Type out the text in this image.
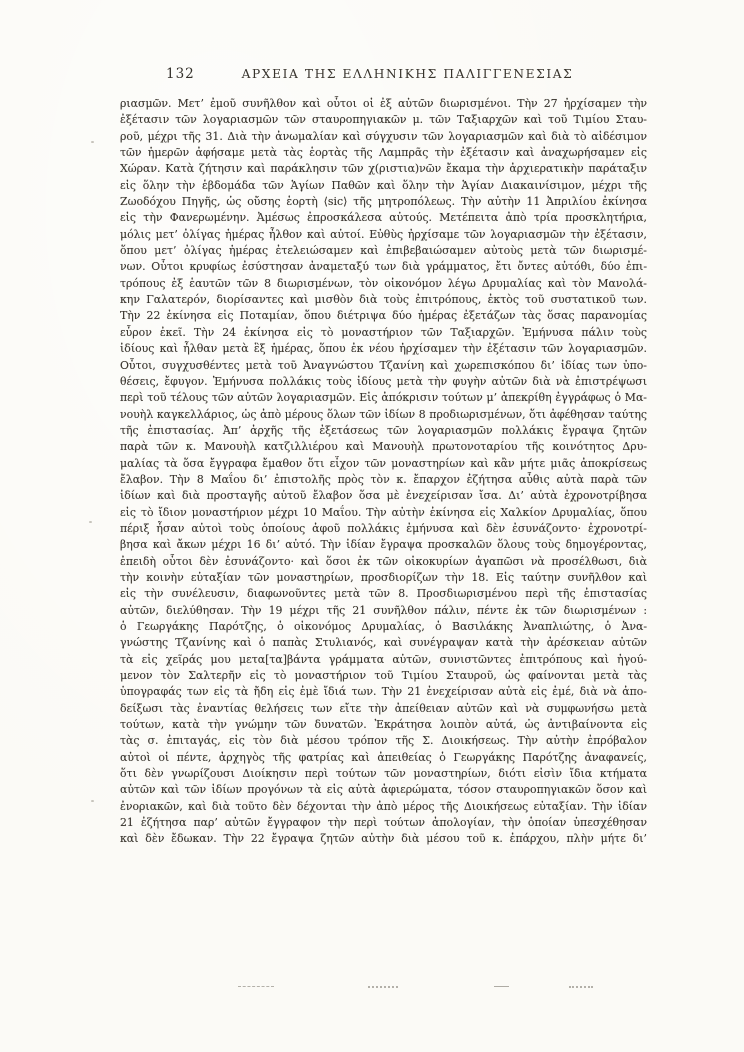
132	ΑΡΧΕΙΑ ΤΗΣ ΕΛΛΗΝΙΚΗΣ ΠΑΛΙΓΓΕΝΕΣΙΑΣ
ριασμῶν. Μετ’ ἐμοῦ συνῆλθον καὶ οὗτοι οἱ ἐξ αὐτῶν διωρισμένοι. Τὴν 27 ἠρχίσαμεν τὴν
ἐξέτασιν τῶν λογαριασμῶν τῶν σταυροπηγιακῶν μ. τῶν Ταξιαρχῶν καὶ τοῦ Τιμίου Σταυ-
ροῦ, μέχρι τῆς 31. Διὰ τὴν ἀνωμαλίαν καὶ σύγχυσιν τῶν λογαριασμῶν καὶ διὰ τὸ αἰδέσιμον
τῶν ἡμερῶν ἀφήσαμε μετὰ τὰς ἑορτὰς τῆς Λαμπρᾶς τὴν ἐξέτασιν καὶ ἀναχωρήσαμεν εἰς
Χώραν. Κατὰ ζήτησιν καὶ παράκλησιν τῶν χ(ριστια)νῶν ἔκαμα τὴν ἀρχιερατικὴν παράταξιν
εἰς ὅλην τὴν ἑβδομάδα τῶν Ἁγίων Παθῶν καὶ ὅλην τὴν Ἁγίαν Διακαινίσιμον, μέχρι τῆς
Ζωοδόχου Πηγῆς, ὡς οὔσης ἑορτὴ ⟨sic⟩ τῆς μητροπόλεως. Τὴν αὐτὴν 11 Ἀπριλίου ἐκίνησα
εἰς τὴν Φανερωμένην. Ἀμέσως ἐπροσκάλεσα αὐτούς. Μετέπειτα ἀπὸ τρία προσκλητήρια,
μόλις μετ’ ὀλίγας ἡμέρας ἦλθον καὶ αὐτοί. Εὐθὺς ἠρχίσαμε τῶν λογαριασμῶν τὴν ἐξέτασιν,
ὅπου μετ’ ὀλίγας ἡμέρας ἐτελειώσαμεν καὶ ἐπιβεβαιώσαμεν αὐτοὺς μετὰ τῶν διωρισμέ-
νων. Οὗτοι κρυφίως ἐσύστησαν ἀναμεταξύ των διὰ γράμματος, ἔτι ὄντες αὐτόθι, δύο ἐπι-
τρόπους ἐξ ἑαυτῶν τῶν 8 διωρισμένων, τὸν οἰκονόμον λέγω Δρυμαλίας καὶ τὸν Μανολά-
κην Γαλατερόν, διορίσαντες καὶ μισθὸν διὰ τοὺς ἐπιτρόπους, ἐκτὸς τοῦ συστατικοῦ των.
Τὴν 22 ἐκίνησα εἰς Ποταμίαν, ὅπου διέτριψα δύο ἡμέρας ἐξετάζων τὰς ὅσας παρανομίας
εὗρον ἐκεῖ. Τὴν 24 ἐκίνησα εἰς τὸ μοναστήριον τῶν Ταξιαρχῶν. Ἐμήνυσα πάλιν τοὺς
ἰδίους καὶ ἦλθαν μετὰ ἓξ ἡμέρας, ὅπου ἐκ νέου ἠρχίσαμεν τὴν ἐξέτασιν τῶν λογαριασμῶν.
Οὗτοι, συγχυσθέντες μετὰ τοῦ Ἀναγνώστου Τζανίνη καὶ χωρεπισκόπου δι’ ἰδίας των ὑπο-
θέσεις, ἔφυγον. Ἐμήνυσα πολλάκις τοὺς ἰδίους μετὰ τὴν φυγὴν αὐτῶν διὰ νὰ ἐπιστρέψωσι
περὶ τοῦ τέλους τῶν αὐτῶν λογαριασμῶν. Εἰς ἀπόκρισιν τούτων μ’ ἀπεκρίθη ἐγγράφως ὁ Μα-
νουὴλ καγκελλάριος, ὡς ἀπὸ μέρους ὅλων τῶν ἰδίων 8 προδιωρισμένων, ὅτι ἀφέθησαν ταύτης
τῆς ἐπιστασίας. Ἀπ’ ἀρχῆς τῆς ἐξετάσεως τῶν λογαριασμῶν πολλάκις ἔγραψα ζητῶν
παρὰ τῶν κ. Μανουὴλ κατζιλλιέρου καὶ Μανουὴλ πρωτονοταρίου τῆς κοινότητος Δρυ-
μαλίας τὰ ὅσα ἔγγραφα ἔμαθον ὅτι εἶχον τῶν μοναστηρίων καὶ κἂν μήτε μιᾶς ἀποκρίσεως
ἔλαβον. Τὴν 8 Μαΐου δι’ ἐπιστολῆς πρὸς τὸν κ. ἔπαρχον ἐζήτησα αὖθις αὐτὰ παρὰ τῶν
ἰδίων καὶ διὰ προσταγῆς αὐτοῦ ἔλαβον ὅσα μὲ ἐνεχείρισαν ἴσα. Δι’ αὐτὰ ἐχρονοτρίβησα
εἰς τὸ ἴδιον μοναστήριον μέχρι 10 Μαΐου. Τὴν αὐτὴν ἐκίνησα εἰς Χαλκίον Δρυμαλίας, ὅπου
πέριξ ἦσαν αὐτοὶ τοὺς ὁποίους ἀφοῦ πολλάκις ἐμήνυσα καὶ δὲν ἐσυνάζοντο· ἐχρονοτρί-
βησα καὶ ἄκων μέχρι 16 δι’ αὐτό. Τὴν ἰδίαν ἔγραψα προσκαλῶν ὅλους τοὺς δημογέροντας,
ἐπειδὴ οὗτοι δὲν ἐσυνάζοντο· καὶ ὅσοι ἐκ τῶν οἰκοκυρίων ἀγαπῶσι νὰ προσέλθωσι, διὰ
τὴν κοινὴν εὐταξίαν τῶν μοναστηρίων, προσδιορίζων τὴν 18. Εἰς ταύτην συνῆλθον καὶ
εἰς τὴν συνέλευσιν, διαφωνοῦντες μετὰ τῶν 8. Προσδιωρισμένου περὶ τῆς ἐπιστασίας
αὐτῶν, διελύθησαν. Τὴν 19 μέχρι τῆς 21 συνῆλθον πάλιν, πέντε ἐκ τῶν διωρισμένων :
ὁ Γεωργάκης Παρότζης, ὁ οἰκονόμος Δρυμαλίας, ὁ Βασιλάκης Ἀναπλιώτης, ὁ Ἀνα-
γνώστης Τζανίνης καὶ ὁ παπὰς Στυλιανός, καὶ συνέγραψαν κατὰ τὴν ἀρέσκειαν αὐτῶν
τὰ εἰς χεῖράς μου μετα[τα]βάντα γράμματα αὐτῶν, συνιστῶντες ἐπιτρόπους καὶ ἡγού-
μενον τὸν Σαλτερῆν εἰς τὸ μοναστήριον τοῦ Τιμίου Σταυροῦ, ὡς φαίνονται μετὰ τὰς
ὑπογραφάς των εἰς τὰ ἤδη εἰς ἐμὲ ἴδιά των. Τὴν 21 ἐνεχείρισαν αὐτὰ εἰς ἐμέ, διὰ νὰ ἀπο-
δείξωσι τὰς ἐναντίας θελήσεις των εἴτε τὴν ἀπείθειαν αὐτῶν καὶ νὰ συμφωνήσω μετὰ
τούτων, κατὰ τὴν γνώμην τῶν δυνατῶν. Ἐκράτησα λοιπὸν αὐτά, ὡς ἀντιβαίνοντα εἰς
τὰς σ. ἐπιταγάς, εἰς τὸν διὰ μέσου τρόπον τῆς Σ. Διοικήσεως. Τὴν αὐτὴν ἐπρόβαλον
αὐτοὶ οἱ πέντε, ἀρχηγὸς τῆς φατρίας καὶ ἀπειθείας ὁ Γεωργάκης Παρότζης ἀναφανείς,
ὅτι δὲν γνωρίζουσι Διοίκησιν περὶ τούτων τῶν μοναστηρίων, διότι εἰσὶν ἴδια κτήματα
αὐτῶν καὶ τῶν ἰδίων προγόνων τὰ εἰς αὐτὰ ἀφιερώματα, τόσον σταυροπηγιακῶν ὅσον καὶ
ἐνοριακῶν, καὶ διὰ τοῦτο δὲν δέχονται τὴν ἀπὸ μέρος τῆς Διοικήσεως εὐταξίαν. Τὴν ἰδίαν
21 ἐζήτησα παρ’ αὐτῶν ἔγγραφον τὴν περὶ τούτων ἀπολογίαν, τὴν ὁποίαν ὑπεσχέθησαν
καὶ δὲν ἔδωκαν. Τὴν 22 ἔγραψα ζητῶν αὐτὴν διὰ μέσου τοῦ κ. ἐπάρχου, πλὴν μήτε δι’
